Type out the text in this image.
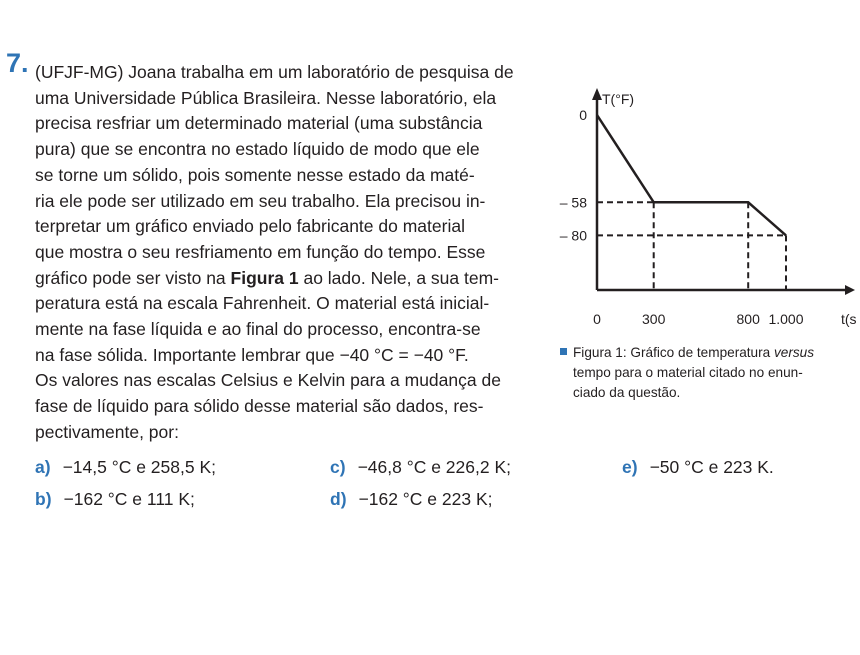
7. (UFJF-MG) Joana trabalha em um laboratório de pesquisa de
uma Universidade Pública Brasileira. Nesse laboratório, ela
precisa resfriar um determinado material (uma substância
pura) que se encontra no estado líquido de modo que ele
se torne um sólido, pois somente nesse estado da maté-
ria ele pode ser utilizado em seu trabalho. Ela precisou in-
terpretar um gráfico enviado pelo fabricante do material
que mostra o seu resfriamento em função do tempo. Esse
gráfico pode ser visto na Figura 1 ao lado. Nele, a sua tem-
peratura está na escala Fahrenheit. O material está inicial-
mente na fase líquida e ao final do processo, encontra-se
na fase sólida. Importante lembrar que −40 °C = −40 °F.
Os valores nas escalas Celsius e Kelvin para a mudança de
fase de líquido para sólido desse material são dados, res-
pectivamente, por:

T(°F)
t(s
0	300	800 1.000
0
– 58
– 80
Figura 1: Gráfico de temperatura versus
tempo para o material citado no enun-
ciado da questão.
a) −14,5 °C e 258,5 K;
b) −162 °C e 111 K;
c) −46,8 °C e 226,2 K;
d) −162 °C e 223 K;
e) −50 °C e 223 K.
